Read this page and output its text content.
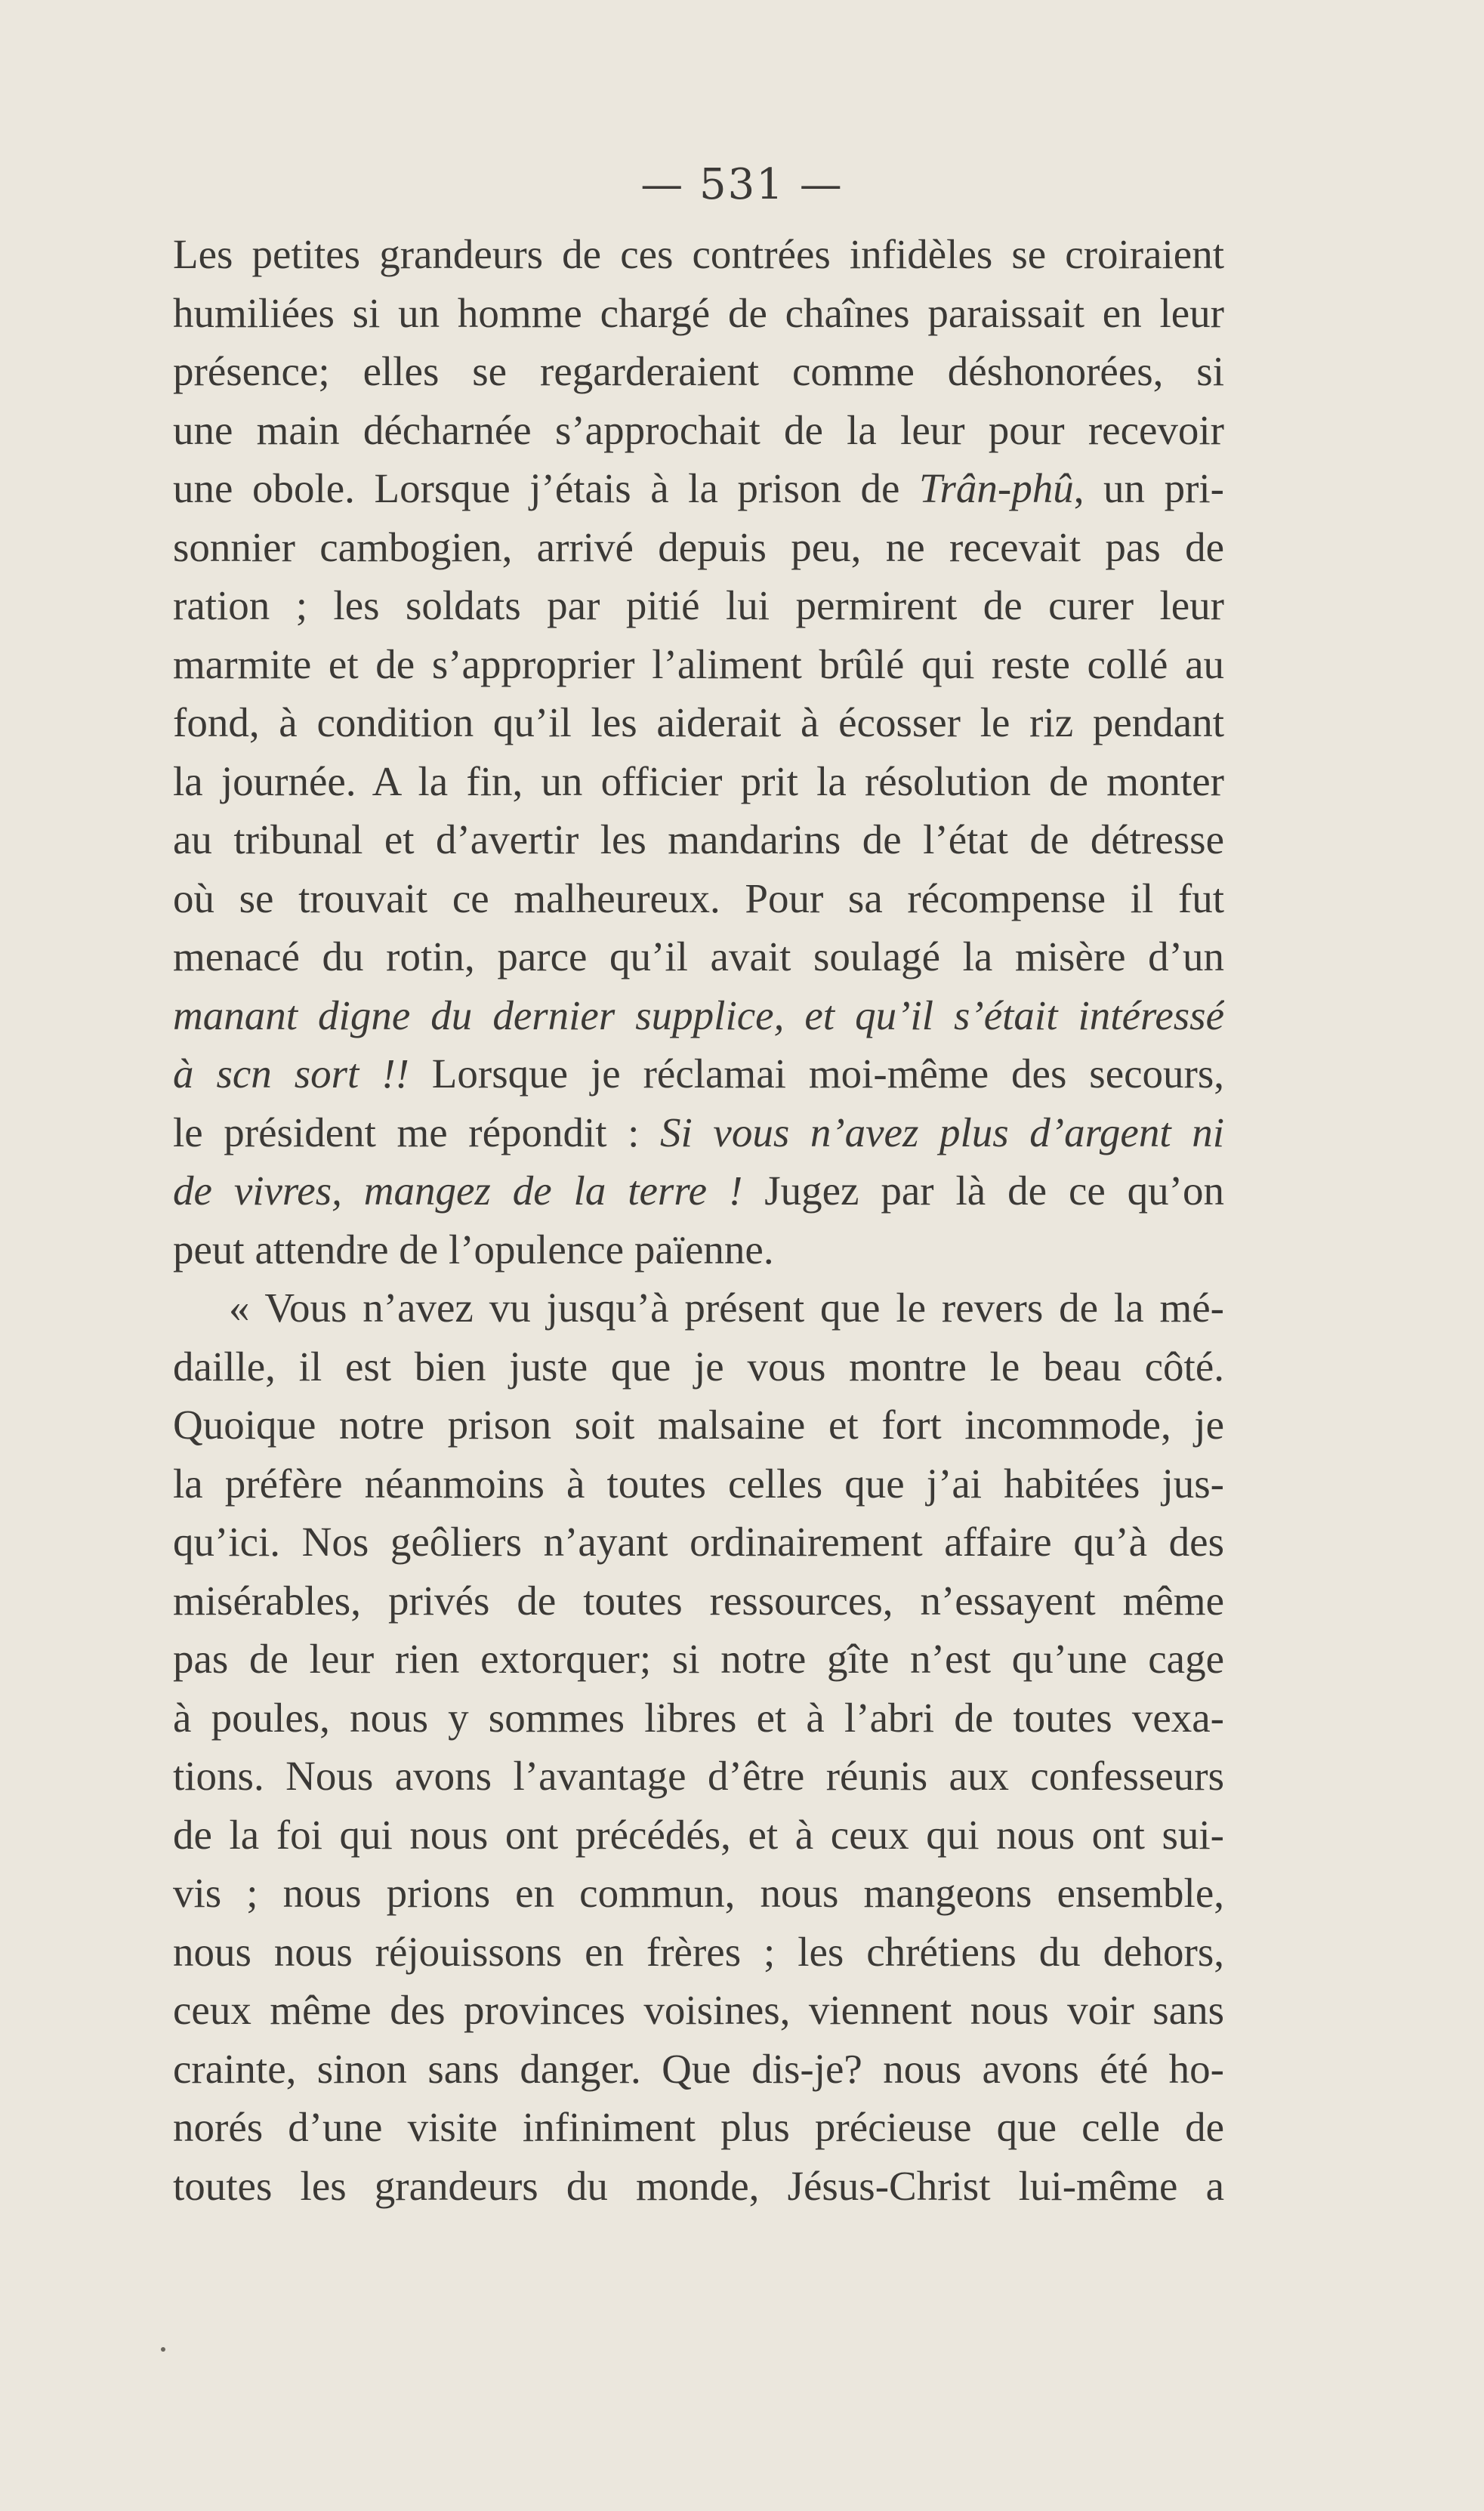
— 531 —
Les petites grandeurs de ces contrées infidèles se croiraient
humiliées si un homme chargé de chaînes paraissait en leur
présence; elles se regarderaient comme déshonorées, si
une main décharnée s’approchait de la leur pour recevoir
une obole. Lorsque j’étais à la prison de Trân-phû, un pri-
sonnier cambogien, arrivé depuis peu, ne recevait pas de
ration ; les soldats par pitié lui permirent de curer leur
marmite et de s’approprier l’aliment brûlé qui reste collé au
fond, à condition qu’il les aiderait à écosser le riz pendant
la journée. A la fin, un officier prit la résolution de monter
au tribunal et d’avertir les mandarins de l’état de détresse
où se trouvait ce malheureux. Pour sa récompense il fut
menacé du rotin, parce qu’il avait soulagé la misère d’un
manant digne du dernier supplice, et qu’il s’était intéressé
à scn sort !! Lorsque je réclamai moi-même des secours,
le président me répondit : Si vous n’avez plus d’argent ni
de vivres, mangez de la terre ! Jugez par là de ce qu’on
peut attendre de l’opulence païenne.
« Vous n’avez vu jusqu’à présent que le revers de la mé-
daille, il est bien juste que je vous montre le beau côté.
Quoique notre prison soit malsaine et fort incommode, je
la préfère néanmoins à toutes celles que j’ai habitées jus-
qu’ici. Nos geôliers n’ayant ordinairement affaire qu’à des
misérables, privés de toutes ressources, n’essayent même
pas de leur rien extorquer; si notre gîte n’est qu’une cage
à poules, nous y sommes libres et à l’abri de toutes vexa-
tions. Nous avons l’avantage d’être réunis aux confesseurs
de la foi qui nous ont précédés, et à ceux qui nous ont sui-
vis ; nous prions en commun, nous mangeons ensemble,
nous nous réjouissons en frères ; les chrétiens du dehors,
ceux même des provinces voisines, viennent nous voir sans
crainte, sinon sans danger. Que dis-je? nous avons été ho-
norés d’une visite infiniment plus précieuse que celle de
toutes les grandeurs du monde, Jésus-Christ lui-même a
